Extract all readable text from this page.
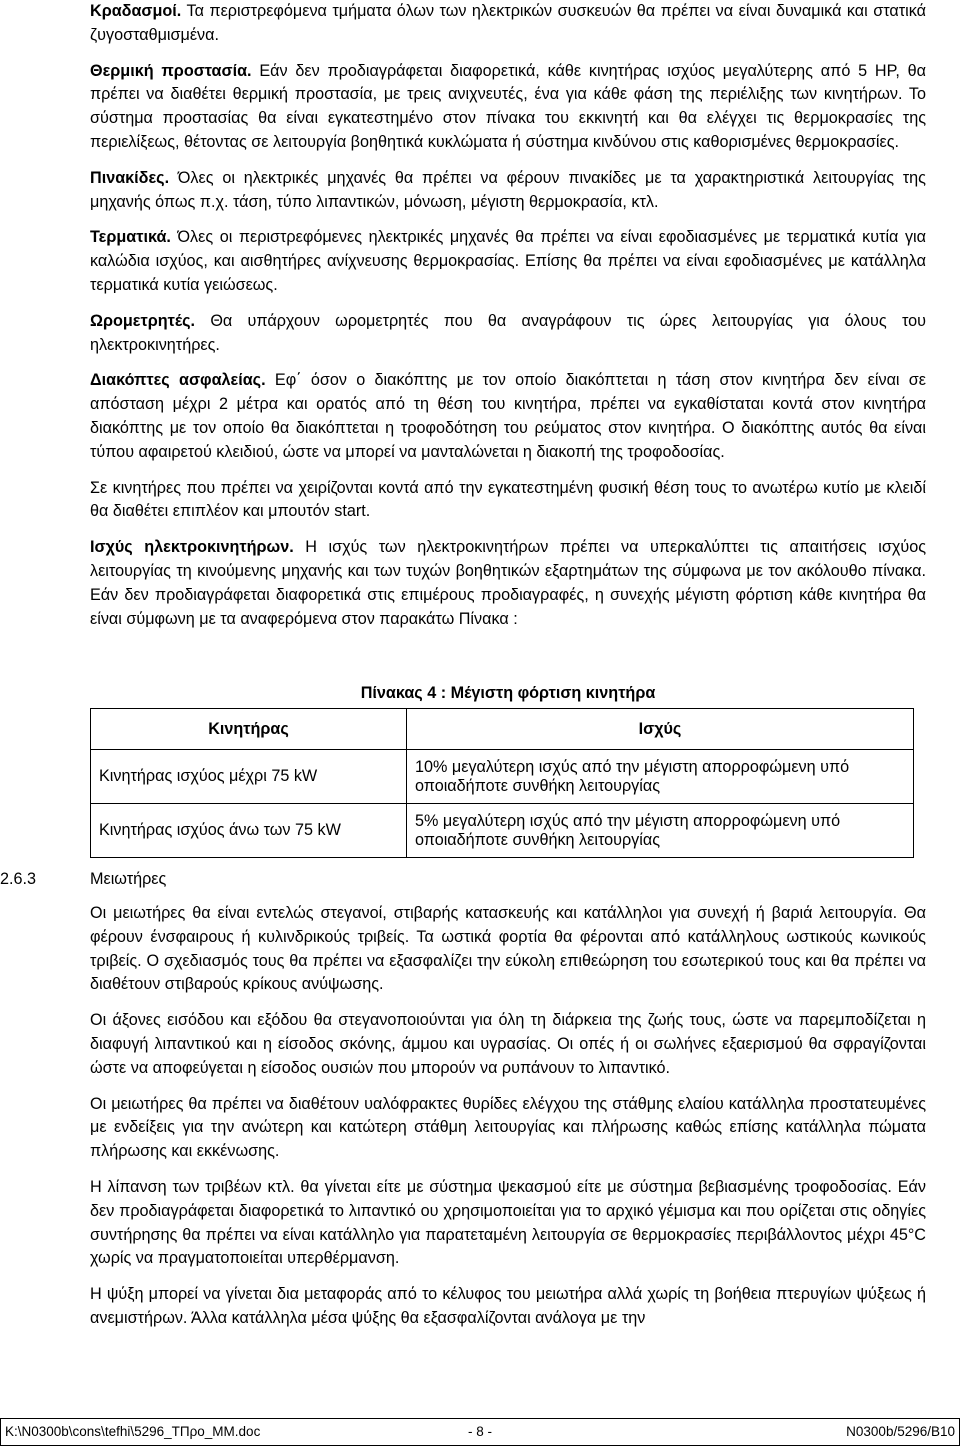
Κραδασμοί. Τα περιστρεφόμενα τμήματα όλων των ηλεκτρικών συσκευών θα πρέπει να είναι δυναμικά και στατικά ζυγοσταθμισμένα.

Θερμική προστασία. Εάν δεν προδιαγράφεται διαφορετικά, κάθε κινητήρας ισχύος μεγαλύτερης από 5 HP, θα πρέπει να διαθέτει θερμική προστασία, με τρεις ανιχνευτές, ένα για κάθε φάση της περιέλιξης των κινητήρων. Το σύστημα προστασίας θα είναι εγκατεστημένο στον πίνακα του εκκινητή και θα ελέγχει τις θερμοκρασίες της περιελίξεως, θέτοντας σε λειτουργία βοηθητικά κυκλώματα ή σύστημα κινδύνου στις καθορισμένες θερμοκρασίες.

Πινακίδες. Όλες οι ηλεκτρικές μηχανές θα πρέπει να φέρουν πινακίδες με τα χαρακτηριστικά λειτουργίας της μηχανής όπως π.χ. τάση, τύπο λιπαντικών, μόνωση, μέγιστη θερμοκρασία, κτλ.

Τερματικά. Όλες οι περιστρεφόμενες ηλεκτρικές μηχανές θα πρέπει να είναι εφοδιασμένες με τερματικά κυτία για καλώδια ισχύος, και αισθητήρες ανίχνευσης θερμοκρασίας. Επίσης θα πρέπει να είναι εφοδιασμένες με κατάλληλα τερματικά κυτία γειώσεως.

Ωρομετρητές. Θα υπάρχουν ωρομετρητές που θα αναγράφουν τις ώρες λειτουργίας για όλους του ηλεκτροκινητήρες.

Διακόπτες ασφαλείας. Εφ΄ όσον ο διακόπτης με τον οποίο διακόπτεται η τάση στον κινητήρα δεν είναι σε απόσταση μέχρι 2 μέτρα και ορατός από τη θέση του κινητήρα, πρέπει να εγκαθίσταται κοντά στον κινητήρα διακόπτης με τον οποίο θα διακόπτεται η τροφοδότηση του ρεύματος στον κινητήρα. Ο διακόπτης αυτός θα είναι τύπου αφαιρετού κλειδιού, ώστε να μπορεί να μανταλώνεται η διακοπή της τροφοδοσίας.

Σε κινητήρες που πρέπει να χειρίζονται κοντά από την εγκατεστημένη φυσική θέση τους το ανωτέρω κυτίο με κλειδί θα διαθέτει επιπλέον και μπουτόν start.

Ισχύς ηλεκτροκινητήρων. Η ισχύς των ηλεκτροκινητήρων πρέπει να υπερκαλύπτει τις απαιτήσεις ισχύος λειτουργίας τη κινούμενης μηχανής και των τυχών βοηθητικών εξαρτημάτων της σύμφωνα με τον ακόλουθο πίνακα. Εάν δεν προδιαγράφεται διαφορετικά στις επιμέρους προδιαγραφές, η συνεχής μέγιστη φόρτιση κάθε κινητήρα θα είναι σύμφωνη με τα αναφερόμενα στον παρακάτω Πίνακα :

Πίνακας 4 : Μέγιστη φόρτιση κινητήρα
Κινητήρας	Ισχύς
Κινητήρας ισχύος μέχρι 75 kW	10% μεγαλύτερη ισχύς από την μέγιστη απορροφώμενη υπό οποιαδήποτε συνθήκη λειτουργίας
Κινητήρας ισχύος άνω των 75 kW	5% μεγαλύτερη ισχύς από την μέγιστη απορροφώμενη υπό οποιαδήποτε συνθήκη λειτουργίας
2.6.3	Μειωτήρες

Οι μειωτήρες θα είναι εντελώς στεγανοί, στιβαρής κατασκευής και κατάλληλοι για συνεχή ή βαριά λειτουργία. Θα φέρουν ένσφαιρους ή κυλινδρικούς τριβείς. Τα ωστικά φορτία θα φέρονται από κατάλληλους ωστικούς κωνικούς τριβείς. Ο σχεδιασμός τους θα πρέπει να εξασφαλίζει την εύκολη επιθεώρηση του εσωτερικού τους και θα πρέπει να διαθέτουν στιβαρούς κρίκους ανύψωσης.

Οι άξονες εισόδου και εξόδου θα στεγανοποιούνται για όλη τη διάρκεια της ζωής τους, ώστε να παρεμποδίζεται η διαφυγή λιπαντικού και η είσοδος σκόνης, άμμου και υγρασίας. Οι οπές ή οι σωλήνες εξαερισμού θα σφραγίζονται ώστε να αποφεύγεται η είσοδος ουσιών που μπορούν να ρυπάνουν το λιπαντικό.

Οι μειωτήρες θα πρέπει να διαθέτουν υαλόφρακτες θυρίδες ελέγχου της στάθμης ελαίου κατάλληλα προστατευμένες με ενδείξεις για την ανώτερη και κατώτερη στάθμη λειτουργίας και πλήρωσης καθώς επίσης κατάλληλα πώματα πλήρωσης και εκκένωσης.

Η λίπανση των τριβέων κτλ. θα γίνεται είτε με σύστημα ψεκασμού είτε με σύστημα βεβιασμένης τροφοδοσίας. Εάν δεν προδιαγράφεται διαφορετικά το λιπαντικό ου χρησιμοποιείται για το αρχικό γέμισμα και που ορίζεται στις οδηγίες συντήρησης θα πρέπει να είναι κατάλληλο για παρατεταμένη λειτουργία σε θερμοκρασίες περιβάλλοντος μέχρι 45°C χωρίς να πραγματοποιείται υπερθέρμανση.

Η ψύξη μπορεί να γίνεται δια μεταφοράς από το κέλυφος του μειωτήρα αλλά χωρίς τη βοήθεια πτερυγίων ψύξεως ή ανεμιστήρων. Άλλα κατάλληλα μέσα ψύξης θα εξασφαλίζονται ανάλογα με την

K:\N0300b\cons\tefhi\5296_ΤΠρο_ΜΜ.doc	- 8 -	N0300b/5296/B10
